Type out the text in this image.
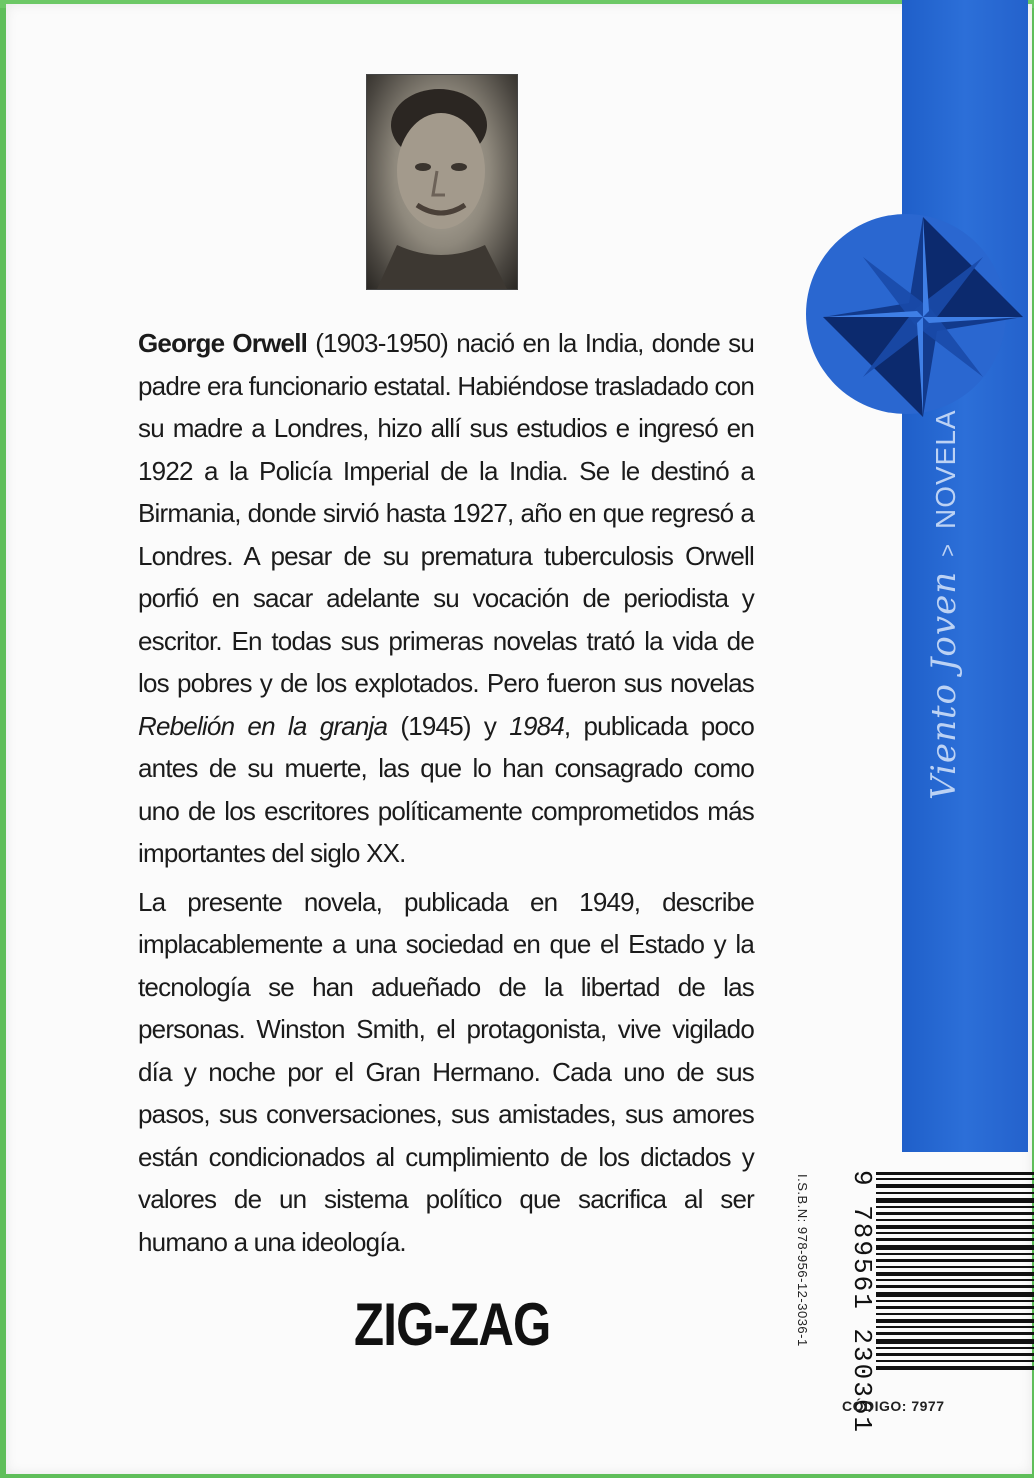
George Orwell (1903-1950) nació en la India, donde su padre era funcionario estatal. Habiéndose trasladado con su madre a Londres, hizo allí sus estudios e ingresó en 1922 a la Policía Imperial de la India. Se le destinó a Birmania, donde sirvió hasta 1927, año en que regresó a Londres. A pesar de su prematura tuberculosis Orwell porfió en sacar adelante su vocación de periodista y escritor. En todas sus primeras novelas trató la vida de los pobres y de los explotados. Pero fueron sus novelas Rebelión en la granja (1945) y 1984, publicada poco antes de su muerte, las que lo han consagrado como uno de los escritores políticamente comprometidos más importantes del siglo XX.

La presente novela, publicada en 1949, describe implacablemente a una sociedad en que el Estado y la tecnología se han adueñado de la libertad de las personas. Winston Smith, el protagonista, vive vigilado día y noche por el Gran Hermano. Cada uno de sus pasos, sus conversaciones, sus amistades, sus amores están condicionados al cumplimiento de los dictados y valores de un sistema político que sacrifica al ser humano a una ideología.

Viento Joven>NOVELA
I.S.B.N: 978-956-12-3036-1 9 789561 230361
CÓDIGO: 7977
ZIG-ZAG
